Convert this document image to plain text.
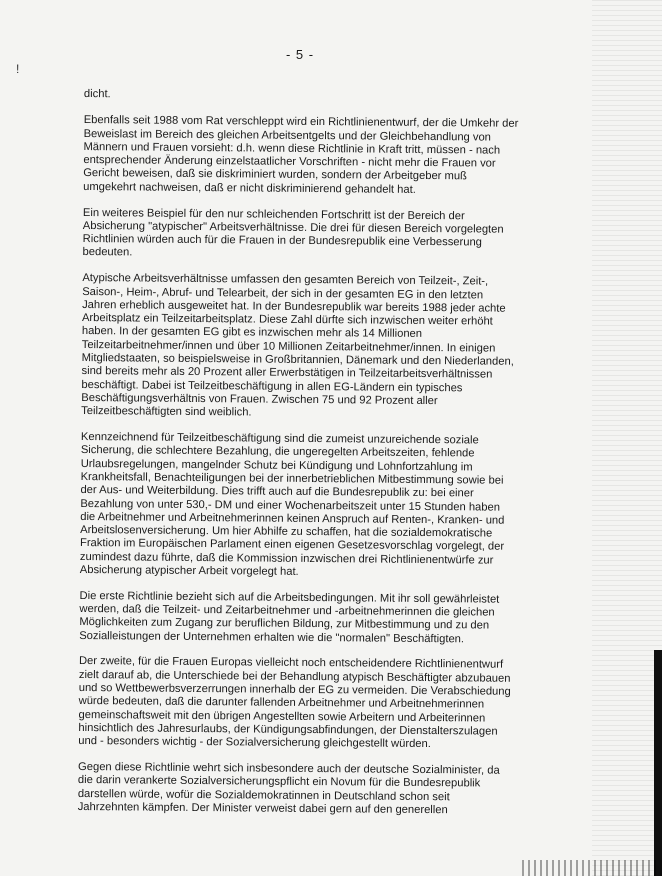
!
- 5 -

dicht.

Ebenfalls seit 1988 vom Rat verschleppt wird ein Richtlinienentwurf, der die Umkehr der Beweislast im Bereich des gleichen Arbeitsentgelts und der Gleichbehandlung von Männern und Frauen vorsieht: d.h. wenn diese Richtlinie in Kraft tritt, müssen - nach entsprechender Änderung einzelstaatlicher Vorschriften - nicht mehr die Frauen vor Gericht beweisen, daß sie diskriminiert wurden, sondern der Arbeitgeber muß umgekehrt nachweisen, daß er nicht diskriminierend gehandelt hat.

Ein weiteres Beispiel für den nur schleichenden Fortschritt ist der Bereich der Absicherung "atypischer" Arbeitsverhältnisse. Die drei für diesen Bereich vorgelegten Richtlinien würden auch für die Frauen in der Bundesrepublik eine Verbesserung bedeuten.

Atypische Arbeitsverhältnisse umfassen den gesamten Bereich von Teilzeit-, Zeit-, Saison-, Heim-, Abruf- und Telearbeit, der sich in der gesamten EG in den letzten Jahren erheblich ausgeweitet hat. In der Bundesrepublik war bereits 1988 jeder achte Arbeitsplatz ein Teilzeitarbeitsplatz. Diese Zahl dürfte sich inzwischen weiter erhöht haben. In der gesamten EG gibt es inzwischen mehr als 14 Millionen Teilzeitarbeitnehmer/innen und über 10 Millionen Zeitarbeitnehmer/innen. In einigen Mitgliedstaaten, so beispielsweise in Großbritannien, Dänemark und den Niederlanden, sind bereits mehr als 20 Prozent aller Erwerbstätigen in Teilzeitarbeitsverhältnissen beschäftigt. Dabei ist Teilzeitbeschäftigung in allen EG-Ländern ein typisches Beschäftigungsverhältnis von Frauen. Zwischen 75 und 92 Prozent aller Teilzeitbeschäftigten sind weiblich.

Kennzeichnend für Teilzeitbeschäftigung sind die zumeist unzureichende soziale Sicherung, die schlechtere Bezahlung, die ungeregelten Arbeitszeiten, fehlende Urlaubsregelungen, mangelnder Schutz bei Kündigung und Lohnfortzahlung im Krankheitsfall, Benachteiligungen bei der innerbetrieblichen Mitbestimmung sowie bei der Aus- und Weiterbildung. Dies trifft auch auf die Bundesrepublik zu: bei einer Bezahlung von unter 530,- DM und einer Wochenarbeitszeit unter 15 Stunden haben die Arbeitnehmer und Arbeitnehmerinnen keinen Anspruch auf Renten-, Kranken- und Arbeitslosenversicherung. Um hier Abhilfe zu schaffen, hat die sozialdemokratische Fraktion im Europäischen Parlament einen eigenen Gesetzesvorschlag vorgelegt, der zumindest dazu führte, daß die Kommission inzwischen drei Richtlinienentwürfe zur Absicherung atypischer Arbeit vorgelegt hat.

Die erste Richtlinie bezieht sich auf die Arbeitsbedingungen. Mit ihr soll gewährleistet werden, daß die Teilzeit- und Zeitarbeitnehmer und -arbeitnehmerinnen die gleichen Möglichkeiten zum Zugang zur beruflichen Bildung, zur Mitbestimmung und zu den Sozialleistungen der Unternehmen erhalten wie die "normalen" Beschäftigten.

Der zweite, für die Frauen Europas vielleicht noch entscheidendere Richtlinienentwurf zielt darauf ab, die Unterschiede bei der Behandlung atypisch Beschäftigter abzubauen und so Wettbewerbsverzerrungen innerhalb der EG zu vermeiden. Die Verabschiedung würde bedeuten, daß die darunter fallenden Arbeitnehmer und Arbeitnehmerinnen gemeinschaftsweit mit den übrigen Angestellten sowie Arbeitern und Arbeiterinnen hinsichtlich des Jahresurlaubs, der Kündigungsabfindungen, der Dienstalterszulagen und - besonders wichtig - der Sozialversicherung gleichgestellt würden.

Gegen diese Richtlinie wehrt sich insbesondere auch der deutsche Sozialminister, da die darin verankerte Sozialversicherungspflicht ein Novum für die Bundesrepublik darstellen würde, wofür die Sozialdemokratinnen in Deutschland schon seit Jahrzehnten kämpfen. Der Minister verweist dabei gern auf den generellen
